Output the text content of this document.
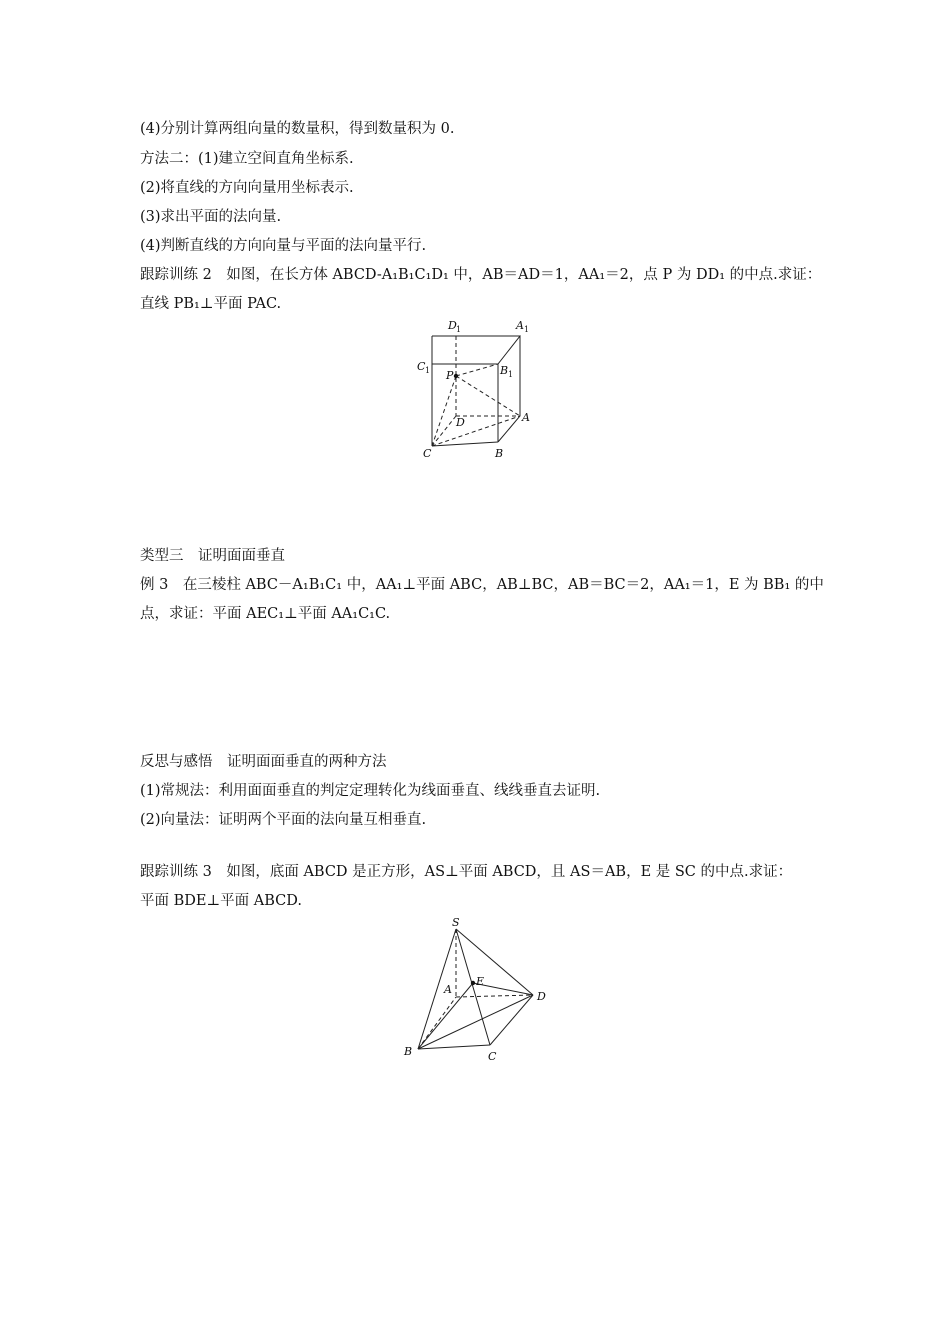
(4)分别计算两组向量的数量积，得到数量积为 0.
方法二：(1)建立空间直角坐标系.
(2)将直线的方向向量用坐标表示.
(3)求出平面的法向量.
(4)判断直线的方向向量与平面的法向量平行.
跟踪训练 2　如图，在长方体 ABCD-A₁B₁C₁D₁ 中，AB＝AD＝1，AA₁＝2，点 P 为 DD₁ 的中点.求证：
直线 PB₁⊥平面 PAC.
D 1	A 1
C 1 P	B 1
D	A
C	B
类型三　证明面面垂直
例 3　在三棱柱 ABC－A₁B₁C₁ 中，AA₁⊥平面 ABC，AB⊥BC，AB＝BC＝2，AA₁＝1，E 为 BB₁ 的中
点，求证：平面 AEC₁⊥平面 AA₁C₁C.
反思与感悟　证明面面垂直的两种方法
(1)常规法：利用面面垂直的判定定理转化为线面垂直、线线垂直去证明.
(2)向量法：证明两个平面的法向量互相垂直.
跟踪训练 3　如图，底面 ABCD 是正方形，AS⊥平面 ABCD，且 AS＝AB，E 是 SC 的中点.求证：
平面 BDE⊥平面 ABCD.
S
E
A
D
B	C
